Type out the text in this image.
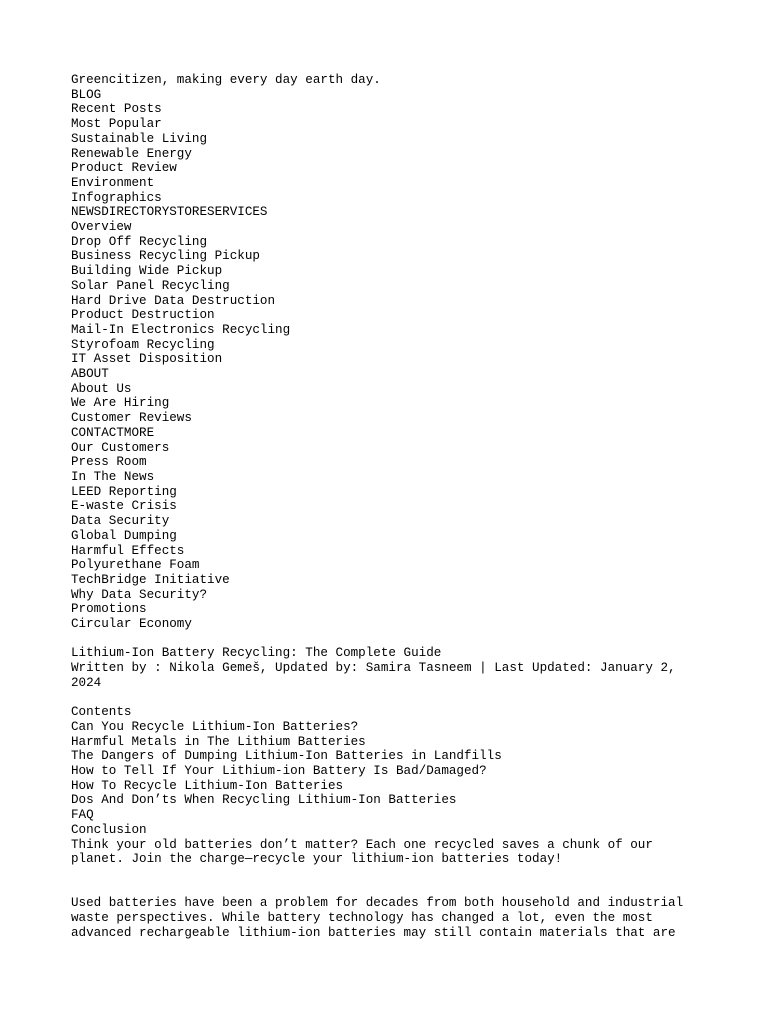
Greencitizen, making every day earth day.
BLOG
Recent Posts
Most Popular
Sustainable Living
Renewable Energy
Product Review
Environment
Infographics
NEWSDIRECTORYSTORESERVICES
Overview
Drop Off Recycling
Business Recycling Pickup
Building Wide Pickup
Solar Panel Recycling
Hard Drive Data Destruction
Product Destruction
Mail-In Electronics Recycling
Styrofoam Recycling
IT Asset Disposition
ABOUT
About Us
We Are Hiring
Customer Reviews
CONTACTMORE
Our Customers
Press Room
In The News
LEED Reporting
E-waste Crisis
Data Security
Global Dumping
Harmful Effects
Polyurethane Foam
TechBridge Initiative
Why Data Security?
Promotions
Circular Economy
Lithium-Ion Battery Recycling: The Complete Guide
Written by : Nikola Gemeš, Updated by: Samira Tasneem | Last Updated: January 2, 2024
Contents
Can You Recycle Lithium-Ion Batteries?
Harmful Metals in The Lithium Batteries
The Dangers of Dumping Lithium-Ion Batteries in Landfills
How to Tell If Your Lithium-ion Battery Is Bad/Damaged?
How To Recycle Lithium-Ion Batteries
Dos And Don’ts When Recycling Lithium-Ion Batteries
FAQ
Conclusion
Think your old batteries don’t matter? Each one recycled saves a chunk of our planet. Join the charge—recycle your lithium-ion batteries today!
Used batteries have been a problem for decades from both household and industrial waste perspectives. While battery technology has changed a lot, even the most advanced rechargeable lithium-ion batteries may still contain materials that are
